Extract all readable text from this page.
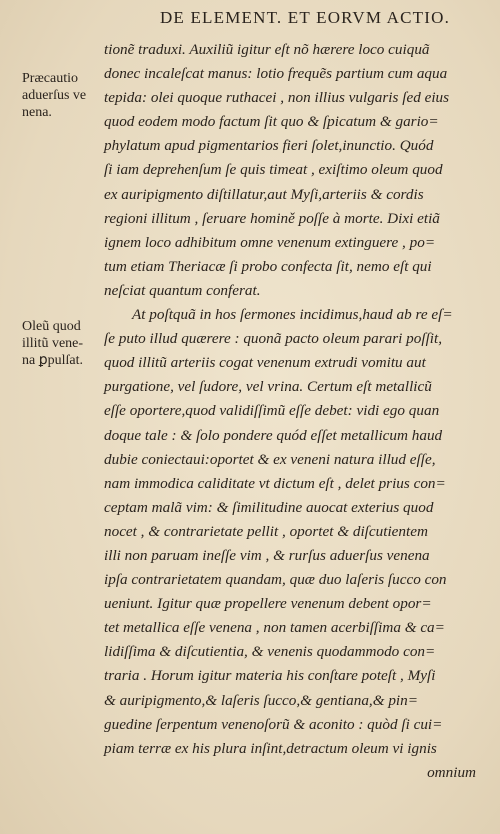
DE ELEMENT. ET EORVM ACTIO.
Præcautio
aduerſus ve
nena.
Oleũ quod
illitũ vene-
na ꝑpulſat.
tionẽ traduxi. Auxiliũ igitur eſt nõ hærere loco cuiquã
donec incaleſcat manus: lotio frequẽs partium cum aqua
tepida: olei quoque ruthacei , non illius vulgaris ſed eius
quod eodem modo factum ſit quo & ſpicatum & gario=
phylatum apud pigmentarios fieri ſolet,inunctio. Quód
ſi iam deprehenſum ſe quis timeat , exiſtimo oleum quod
ex auripigmento diſtillatur,aut Myſi,arteriis & cordis
regioni illitum , ſeruare homině poſſe à morte. Dixi etiã
ignem loco adhibitum omne venenum extinguere , po=
tum etiam Theriacæ ſi probo confecta ſit, nemo eſt qui
neſciat quantum conferat.
At poſtquã in hos ſermones incidimus,haud ab re eſ=
ſe puto illud quærere : quonã pacto oleum parari poſſit,
quod illitũ arteriis cogat venenum extrudi vomitu aut
purgatione, vel ſudore, vel vrina. Certum eſt metallicũ
eſſe oportere,quod validiſſimũ eſſe debet: vidi ego quan
doque tale : & ſolo pondere quód eſſet metallicum haud
dubie coniectaui:oportet & ex veneni natura illud eſſe,
nam immodica caliditate vt dictum eſt , delet prius con=
ceptam malã vim: & ſimilitudine auocat exterius quod
nocet , & contrarietate pellit , oportet & diſcutientem
illi non paruam ineſſe vim , & rurſus aduerſus venena
ipſa contrarietatem quandam, quæ duo laſeris ſucco con
ueniunt. Igitur quæ propellere venenum debent opor=
tet metallica eſſe venena , non tamen acerbiſſima & ca=
lidiſſima & diſcutientia, & venenis quodammodo con=
traria . Horum igitur materia his conſtare poteſt , Myſi
& auripigmento,& laſeris ſucco,& gentiana,& pin=
guedine ſerpentum venenoſorũ & aconito : quòd ſi cui=
piam terræ ex his plura inſint,detractum oleum vi ignis
omnium
